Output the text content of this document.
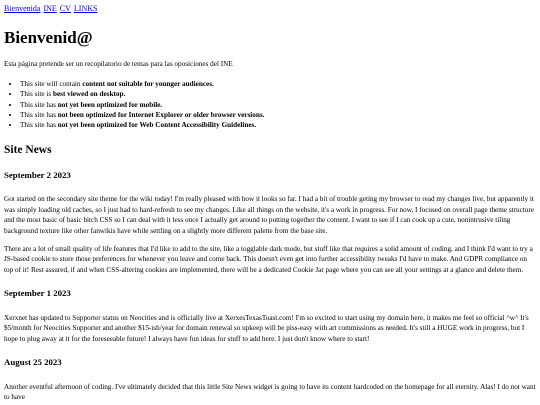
Bienvenida INE CV LINKS
Bienvenid@

Esta página pretende ser un recopilatorio de temas para las oposiciones del INE

• This site will contain content not suitable for younger audiences.
• This site is best viewed on desktop.
• This site has not yet been optimized for mobile.
• This site has not been optimized for Internet Explorer or older browser versions.
• This site has not yet been optimized for Web Content Accessibility Guidelines.
Site News
September 2 2023

Got started on the secondary site theme for the wiki today! I'm really pleased with how it looks so far. I had a bit of trouble geting my browser to read my changes live, but apparently it was simply loading old caches, so I just had to hard-refresh to see my changes. Like all things on the website, it's a work in progress. For now, I focused on overall page theme structure and the most basic of basic bitch CSS so I can deal with it less once I actually get around to putting together the content. I want to see if I can cook up a cute, nonintrusive tiling background texture like other fanwikis have while settling on a slightly more different palette from the base site.

There are a lot of small quality of life features that I'd like to add to the site, like a togglable dark mode, but stuff like that requires a solid amount of coding, and I think I'd want to try a JS-based cookie to store those preferences for whenever you leave and come back. This doesn't even get into further accessibility tweaks I'd have to make. And GDPR compliance on top of it! Rest assured, if and when CSS-altering cookies are implemented, there will be a dedicated Cookie Jar page where you can see all your settings at a glance and delete them.

September 1 2023

Xerxnet has updated to Supporter status on Neocities and is officially live at XerxesTexasToast.com! I'm so excited to start using my domain here, it makes me feel so official ^w^ It's $5/month for Neocities Supporter and another $15-ish/year for domain renewal so upkeep will be piss-easy with art commissions as needed. It's still a HUGE work in progress, but I hope to plug away at it for the foreseeable future! I always have fun ideas for stuff to add here. I just don't know where to start!

August 25 2023

Another eventful afternoon of coding. I've ultimately decided that this little Site News widget is going to have its content hardcoded on the homepage for all eternity. Alas! I do not want to have
